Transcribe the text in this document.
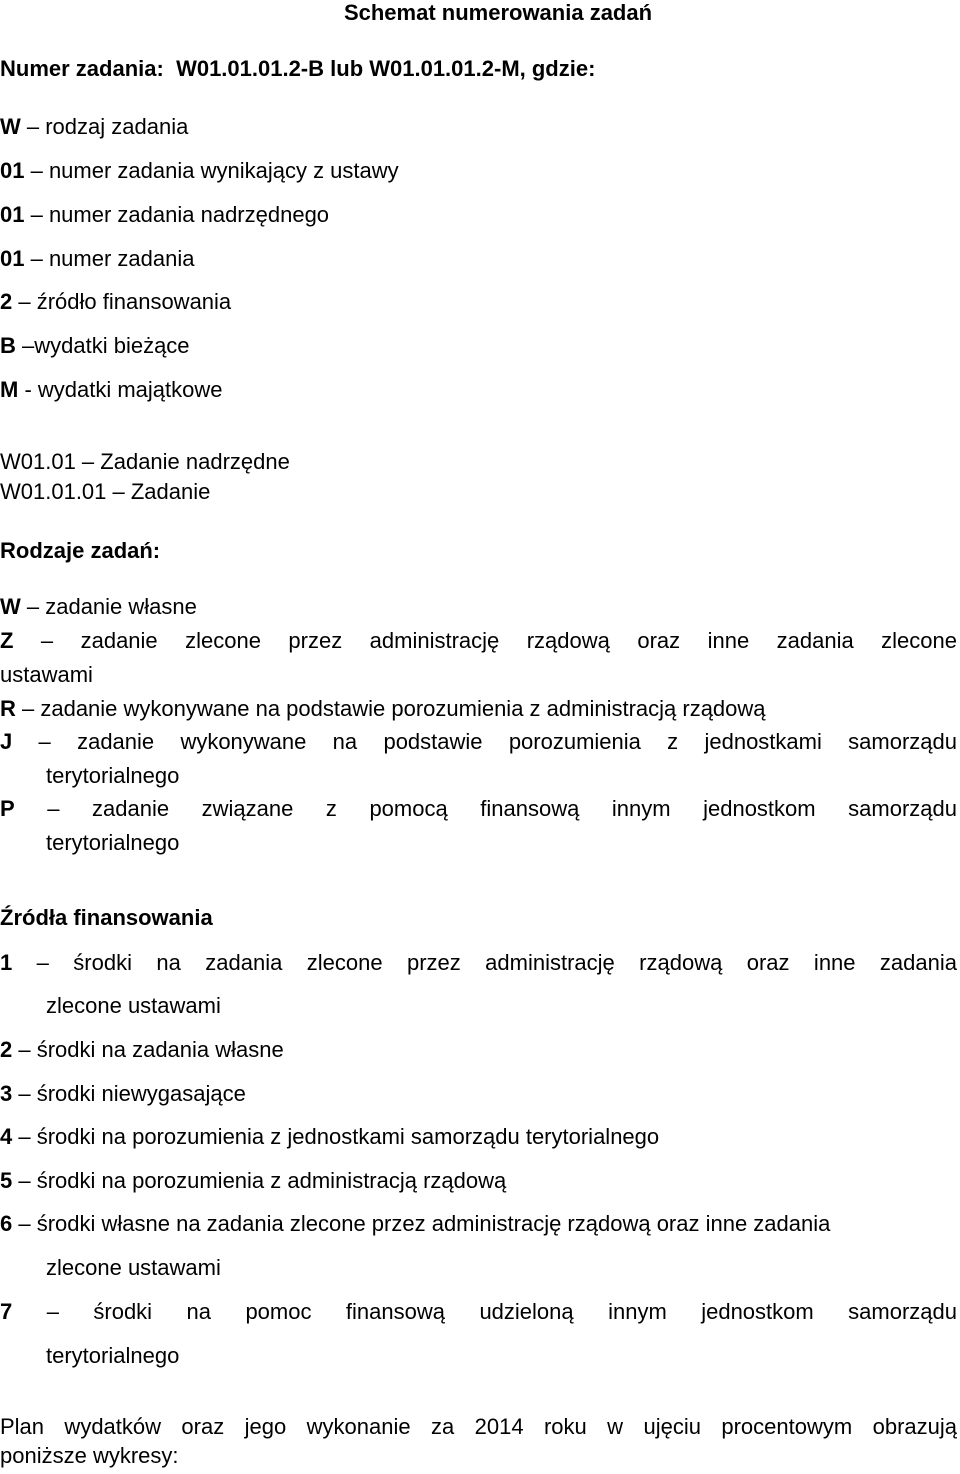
Schemat numerowania zadań
Numer zadania: W01.01.01.2-B lub W01.01.01.2-M, gdzie:
W – rodzaj zadania
01 – numer zadania wynikający z ustawy
01 – numer zadania nadrzędnego
01 – numer zadania
2 – źródło finansowania
B –wydatki bieżące
M - wydatki majątkowe
W01.01 – Zadanie nadrzędne
W01.01.01 – Zadanie
Rodzaje zadań:
W – zadanie własne
Z – zadanie zlecone przez administrację rządową oraz inne zadania zlecone
ustawami
R – zadanie wykonywane na podstawie porozumienia z administracją rządową
J – zadanie wykonywane na podstawie porozumienia z jednostkami samorządu
terytorialnego
P – zadanie związane z pomocą finansową innym jednostkom samorządu
terytorialnego
Źródła finansowania
1 – środki na zadania zlecone przez administrację rządową oraz inne zadania
zlecone ustawami
2 – środki na zadania własne
3 – środki niewygasające
4 – środki na porozumienia z jednostkami samorządu terytorialnego
5 – środki na porozumienia z administracją rządową
6 – środki własne na zadania zlecone przez administrację rządową oraz inne zadania
zlecone ustawami
7 – środki na pomoc finansową udzieloną innym jednostkom samorządu
terytorialnego
Plan wydatków oraz jego wykonanie za 2014 roku w ujęciu procentowym obrazują
poniższe wykresy:
